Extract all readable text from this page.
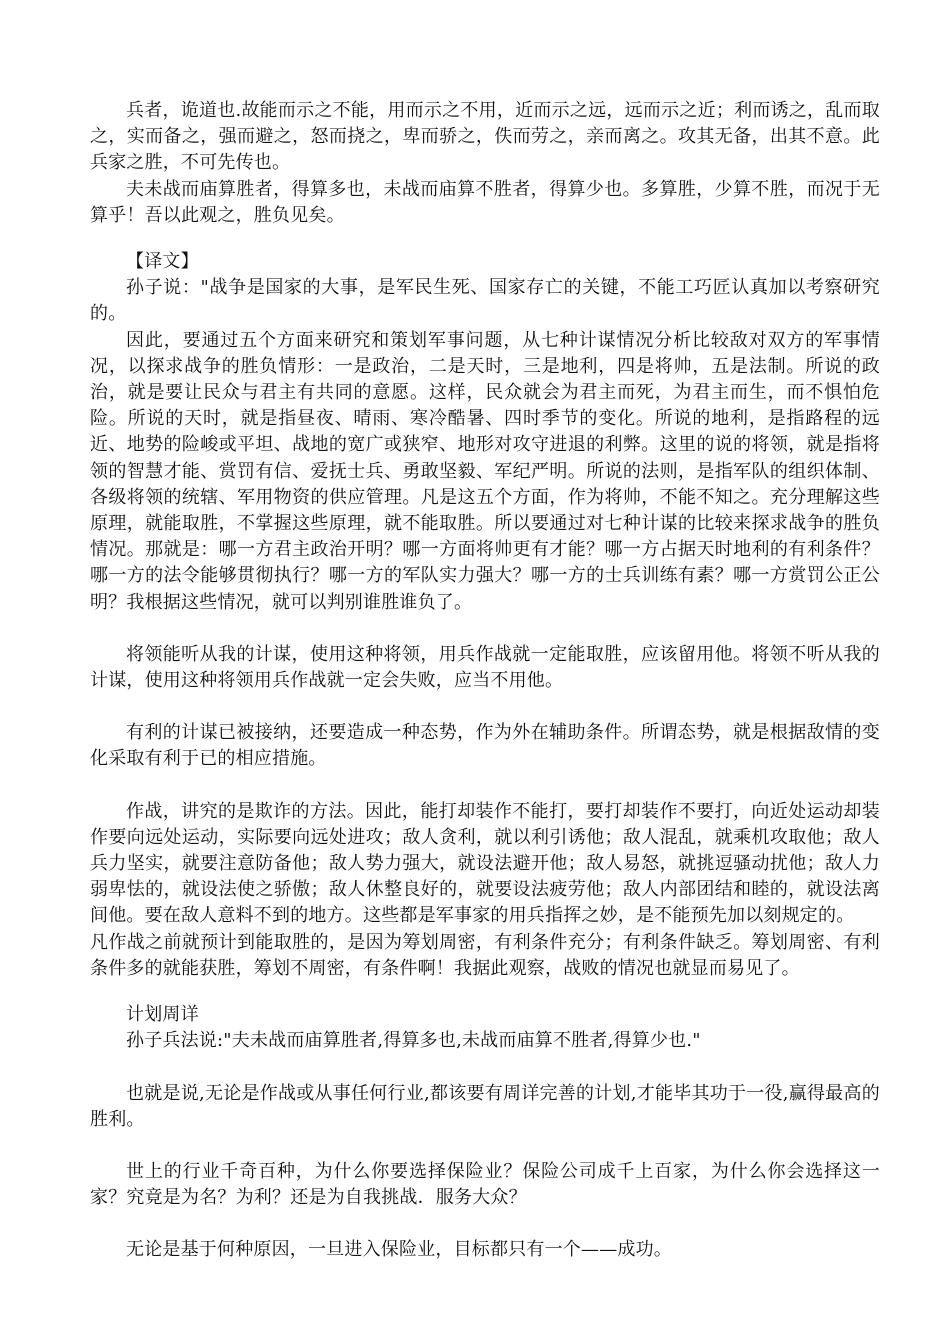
兵者，诡道也.故能而示之不能，用而示之不用，近而示之远，远而示之近；利而诱之，乱而取之，实而备之，强而避之，怒而挠之，卑而骄之，佚而劳之，亲而离之。攻其无备，出其不意。此兵家之胜，不可先传也。

夫未战而庙算胜者，得算多也，未战而庙算不胜者，得算少也。多算胜，少算不胜，而况于无算乎！吾以此观之，胜负见矣。

【译文】

孙子说："战争是国家的大事，是军民生死、国家存亡的关键，不能工巧匠认真加以考察研究的。

因此，要通过五个方面来研究和策划军事问题，从七种计谋情况分析比较敌对双方的军事情况，以探求战争的胜负情形：一是政治，二是天时，三是地利，四是将帅，五是法制。所说的政治，就是要让民众与君主有共同的意愿。这样，民众就会为君主而死，为君主而生，而不惧怕危险。所说的天时，就是指昼夜、晴雨、寒冷酷暑、四时季节的变化。所说的地利，是指路程的远近、地势的险峻或平坦、战地的宽广或狭窄、地形对攻守进退的利弊。这里的说的将领，就是指将领的智慧才能、赏罚有信、爱抚士兵、勇敢坚毅、军纪严明。所说的法则，是指军队的组织体制、各级将领的统辖、军用物资的供应管理。凡是这五个方面，作为将帅，不能不知之。充分理解这些原理，就能取胜，不掌握这些原理，就不能取胜。所以要通过对七种计谋的比较来探求战争的胜负情况。那就是：哪一方君主政治开明？哪一方面将帅更有才能？哪一方占据天时地利的有利条件？哪一方的法令能够贯彻执行？哪一方的军队实力强大？哪一方的士兵训练有素？哪一方赏罚公正公明？我根据这些情况，就可以判别谁胜谁负了。

将领能听从我的计谋，使用这种将领，用兵作战就一定能取胜，应该留用他。将领不听从我的计谋，使用这种将领用兵作战就一定会失败，应当不用他。

有利的计谋已被接纳，还要造成一种态势，作为外在辅助条件。所谓态势，就是根据敌情的变化采取有利于已的相应措施。

作战，讲究的是欺诈的方法。因此，能打却装作不能打，要打却装作不要打，向近处运动却装作要向远处运动，实际要向远处进攻；敌人贪利，就以利引诱他；敌人混乱，就乘机攻取他；敌人兵力坚实，就要注意防备他；敌人势力强大，就设法避开他；敌人易怒，就挑逗骚动扰他；敌人力弱卑怯的，就设法使之骄傲；敌人休整良好的，就要设法疲劳他；敌人内部团结和睦的，就设法离间他。要在敌人意料不到的地方。这些都是军事家的用兵指挥之妙，是不能预先加以刻规定的。

凡作战之前就预计到能取胜的，是因为筹划周密，有利条件充分；有利条件缺乏。筹划周密、有利条件多的就能获胜，筹划不周密，有条件啊！我据此观察，战败的情况也就显而易见了。

计划周详

孙子兵法说:"夫未战而庙算胜者,得算多也,未战而庙算不胜者,得算少也."

也就是说,无论是作战或从事任何行业,都该要有周详完善的计划,才能毕其功于一役,赢得最高的胜利。

世上的行业千奇百种，为什么你要选择保险业？保险公司成千上百家，为什么你会选择这一家？究竟是为名？为利？还是为自我挑战．服务大众？

无论是基于何种原因，一旦进入保险业，目标都只有一个——成功。
